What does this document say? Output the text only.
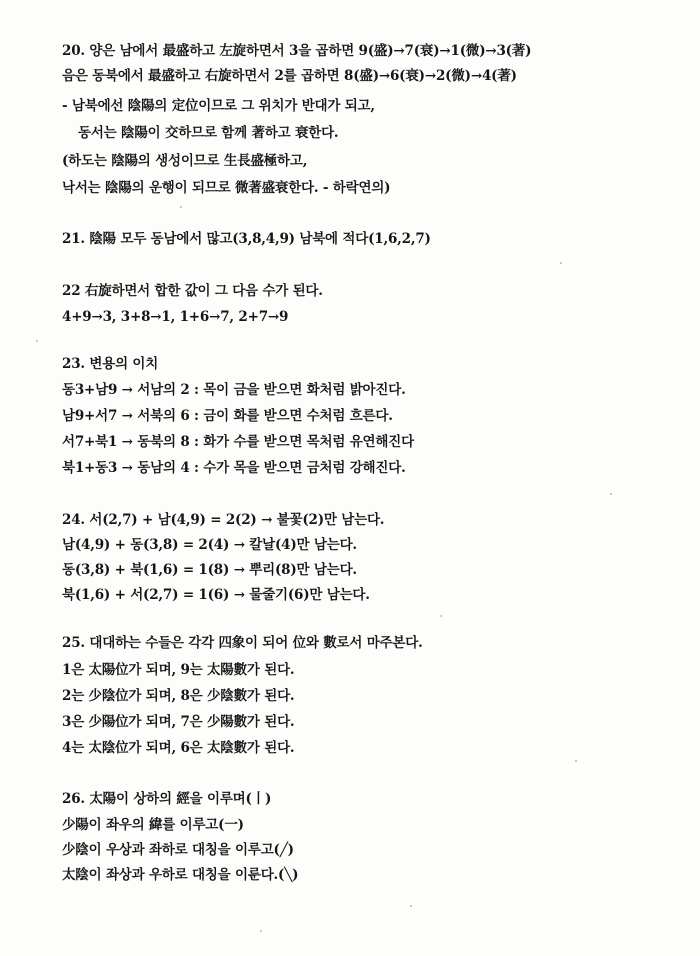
20. 양은 남에서 最盛하고 左旋하면서 3을 곱하면 9(盛)→7(衰)→1(微)→3(著)
음은 동북에서 最盛하고 右旋하면서 2를 곱하면 8(盛)→6(衰)→2(微)→4(著)
- 남북에선 陰陽의 定位이므로 그 위치가 반대가 되고,
동서는 陰陽이 交하므로 함께 著하고 衰한다.
(하도는 陰陽의 생성이므로 生長盛極하고,
낙서는 陰陽의 운행이 되므로 微著盛衰한다. - 하락연의)
21. 陰陽 모두 동남에서 많고(3,8,4,9) 남북에 적다(1,6,2,7)
22 右旋하면서 합한 값이 그 다음 수가 된다.
4+9→3, 3+8→1, 1+6→7, 2+7→9
23. 변용의 이치
동3+남9 → 서남의 2 : 목이 금을 받으면 화처럼 밝아진다.
남9+서7 → 서북의 6 : 금이 화를 받으면 수처럼 흐른다.
서7+북1 → 동북의 8 : 화가 수를 받으면 목처럼 유연해진다
북1+동3 → 동남의 4 : 수가 목을 받으면 금처럼 강해진다.
24. 서(2,7) + 남(4,9) = 2(2) → 불꽃(2)만 남는다.
남(4,9) + 동(3,8) = 2(4) → 칼날(4)만 남는다.
동(3,8) + 북(1,6) = 1(8) → 뿌리(8)만 남는다.
북(1,6) + 서(2,7) = 1(6) → 물줄기(6)만 남는다.
25. 대대하는 수들은 각각 四象이 되어 位와 數로서 마주본다.
1은 太陽位가 되며, 9는 太陽數가 된다.
2는 少陰位가 되며, 8은 少陰數가 된다.
3은 少陽位가 되며, 7은 少陽數가 된다.
4는 太陰位가 되며, 6은 太陰數가 된다.
26. 太陽이 상하의 經을 이루며(丨)
少陽이 좌우의 緯를 이루고(一)
少陰이 우상과 좌하로 대칭을 이루고(╱)
太陰이 좌상과 우하로 대칭을 이룬다.(╲)
